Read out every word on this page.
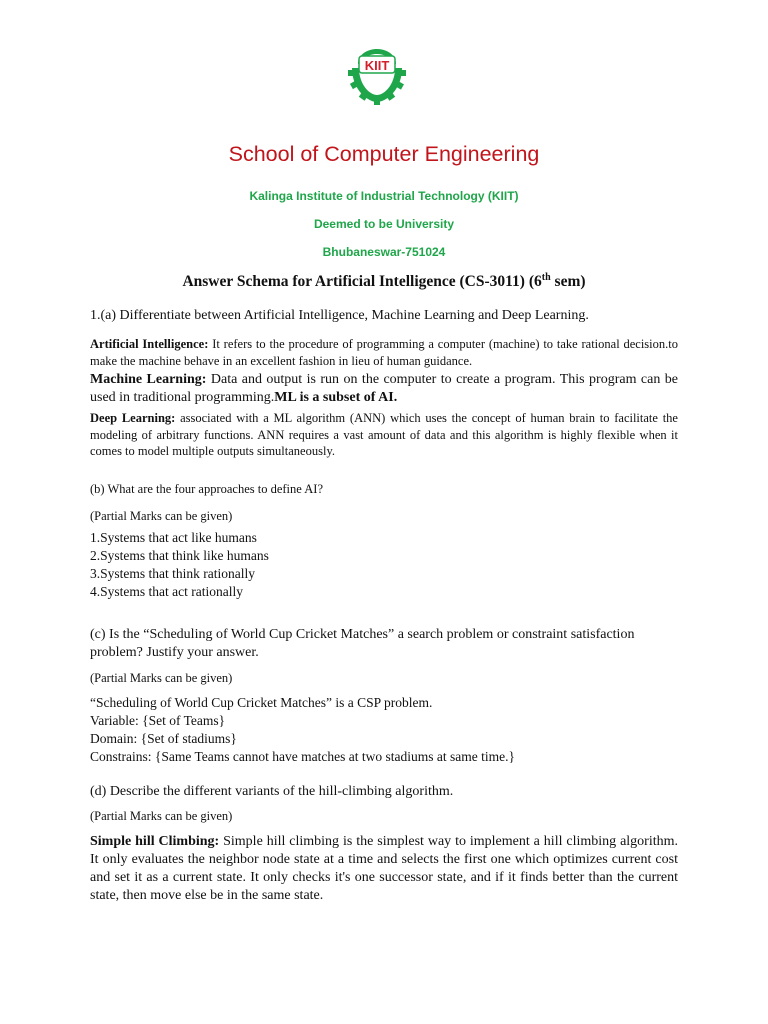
KIIT
School of Computer Engineering
Kalinga Institute of Industrial Technology (KIIT)
Deemed to be University
Bhubaneswar-751024
Answer Schema for Artificial Intelligence (CS-3011) (6th sem)
1.(a) Differentiate between Artificial Intelligence, Machine Learning and Deep Learning.
Artificial Intelligence: It refers to the procedure of programming a computer (machine) to take rational decision.to make the machine behave in an excellent fashion in lieu of human guidance.
Machine Learning: Data and output is run on the computer to create a program. This program can be used in traditional programming.ML is a subset of AI.
Deep Learning: associated with a ML algorithm (ANN) which uses the concept of human brain to facilitate the modeling of arbitrary functions. ANN requires a vast amount of data and this algorithm is highly flexible when it comes to model multiple outputs simultaneously.
(b) What are the four approaches to define AI?
(Partial Marks can be given)
1.Systems that act like humans
2.Systems that think like humans
3.Systems that think rationally
4.Systems that act rationally
(c) Is the “Scheduling of World Cup Cricket Matches” a search problem or constraint satisfaction problem? Justify your answer.
(Partial Marks can be given)
“Scheduling of World Cup Cricket Matches” is a CSP problem.
Variable: {Set of Teams}
Domain: {Set of stadiums}
Constrains: {Same Teams cannot have matches at two stadiums at same time.}
(d) Describe the different variants of the hill-climbing algorithm.
(Partial Marks can be given)
Simple hill Climbing: Simple hill climbing is the simplest way to implement a hill climbing algorithm. It only evaluates the neighbor node state at a time and selects the first one which optimizes current cost and set it as a current state. It only checks it's one successor state, and if it finds better than the current state, then move else be in the same state.
